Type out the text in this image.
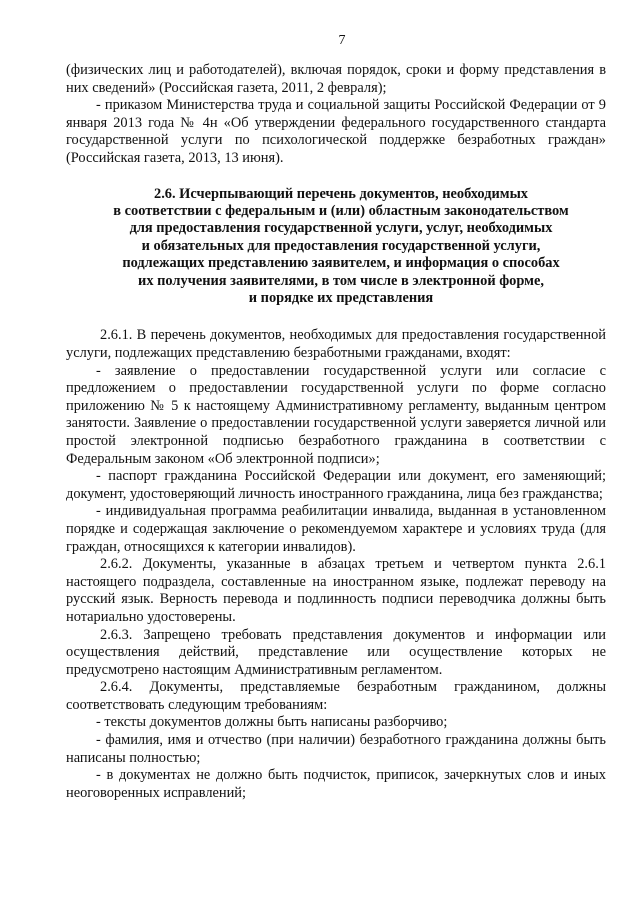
7

(физических лиц и работодателей), включая порядок, сроки и форму представления в них сведений» (Российская газета, 2011, 2 февраля);

- приказом Министерства труда и социальной защиты Российской Федерации от 9 января 2013 года № 4н «Об утверждении федерального государственного стандарта государственной услуги по психологической поддержке безработных граждан» (Российская газета, 2013, 13 июня).

2.6. Исчерпывающий перечень документов, необходимых
в соответствии с федеральным и (или) областным законодательством
для предоставления государственной услуги, услуг, необходимых
и обязательных для предоставления государственной услуги,
подлежащих представлению заявителем, и информация о способах
их получения заявителями, в том числе в электронной форме,
и порядке их представления

2.6.1. В перечень документов, необходимых для предоставления государственной услуги, подлежащих представлению безработными гражданами, входят:

- заявление о предоставлении государственной услуги или согласие с предложением о предоставлении государственной услуги по форме согласно приложению № 5 к настоящему Административному регламенту, выданным центром занятости. Заявление о предоставлении государственной услуги заверяется личной или простой электронной подписью безработного гражданина в соответствии с Федеральным законом «Об электронной подписи»;

- паспорт гражданина Российской Федерации или документ, его заменяющий; документ, удостоверяющий личность иностранного гражданина, лица без гражданства;

- индивидуальная программа реабилитации инвалида, выданная в установленном порядке и содержащая заключение о рекомендуемом характере и условиях труда (для граждан, относящихся к категории инвалидов).

2.6.2. Документы, указанные в абзацах третьем и четвертом пункта 2.6.1 настоящего подраздела, составленные на иностранном языке, подлежат переводу на русский язык. Верность перевода и подлинность подписи переводчика должны быть нотариально удостоверены.

2.6.3. Запрещено требовать представления документов и информации или осуществления действий, представление или осуществление которых не предусмотрено настоящим Административным регламентом.

2.6.4. Документы, представляемые безработным гражданином, должны соответствовать следующим требованиям:

- тексты документов должны быть написаны разборчиво;

- фамилия, имя и отчество (при наличии) безработного гражданина должны быть написаны полностью;

- в документах не должно быть подчисток, приписок, зачеркнутых слов и иных неоговоренных исправлений;
